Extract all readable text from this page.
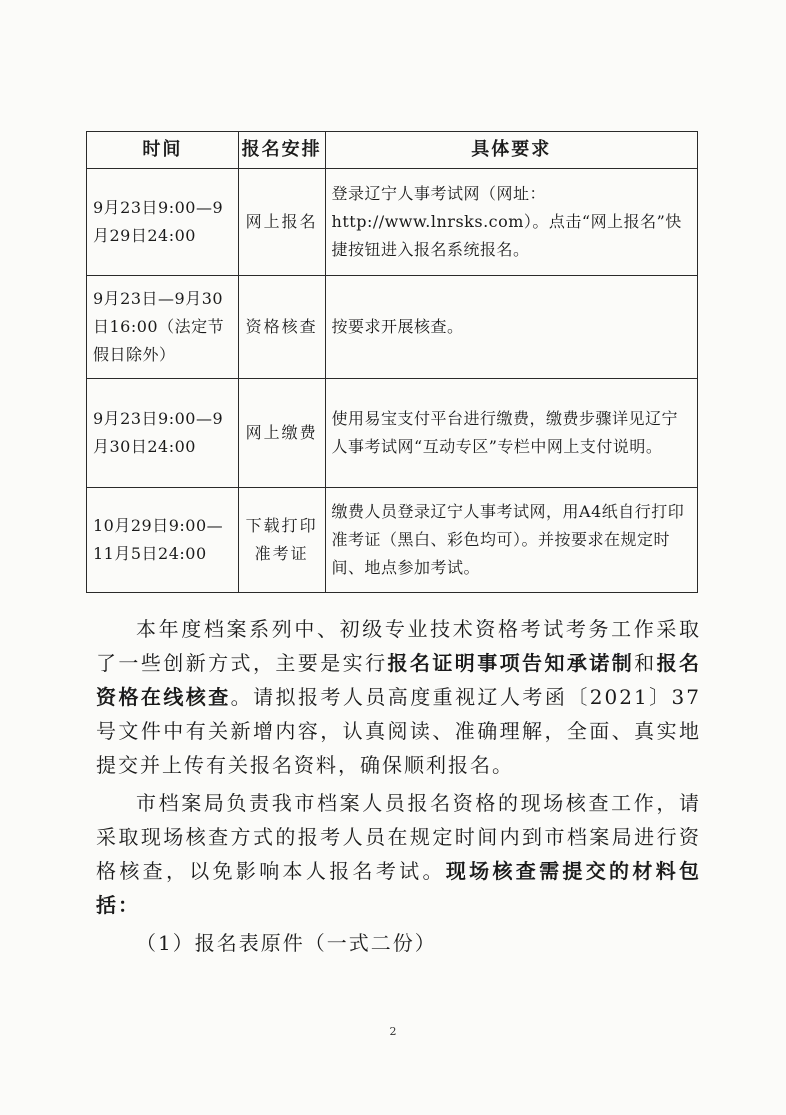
时间	报名安排	具体要求
9月23日9:00—9月29日24:00	网上报名	登录辽宁人事考试网（网址：http://www.lnrsks.com）。点击“网上报名”快捷按钮进入报名系统报名。
9月23日—9月30日16:00（法定节假日除外）	资格核查	按要求开展核查。
9月23日9:00—9月30日24:00	网上缴费	使用易宝支付平台进行缴费，缴费步骤详见辽宁人事考试网“互动专区”专栏中网上支付说明。
10月29日9:00—11月5日24:00	下载打印准考证	缴费人员登录辽宁人事考试网，用A4纸自行打印准考证（黑白、彩色均可）。并按要求在规定时间、地点参加考试。

本年度档案系列中、初级专业技术资格考试考务工作采取了一些创新方式，主要是实行报名证明事项告知承诺制和报名资格在线核查。请拟报考人员高度重视辽人考函〔2021〕37号文件中有关新增内容，认真阅读、准确理解，全面、真实地提交并上传有关报名资料，确保顺利报名。

市档案局负责我市档案人员报名资格的现场核查工作，请采取现场核查方式的报考人员在规定时间内到市档案局进行资格核查，以免影响本人报名考试。现场核查需提交的材料包括：

（1）报名表原件（一式二份）

2
